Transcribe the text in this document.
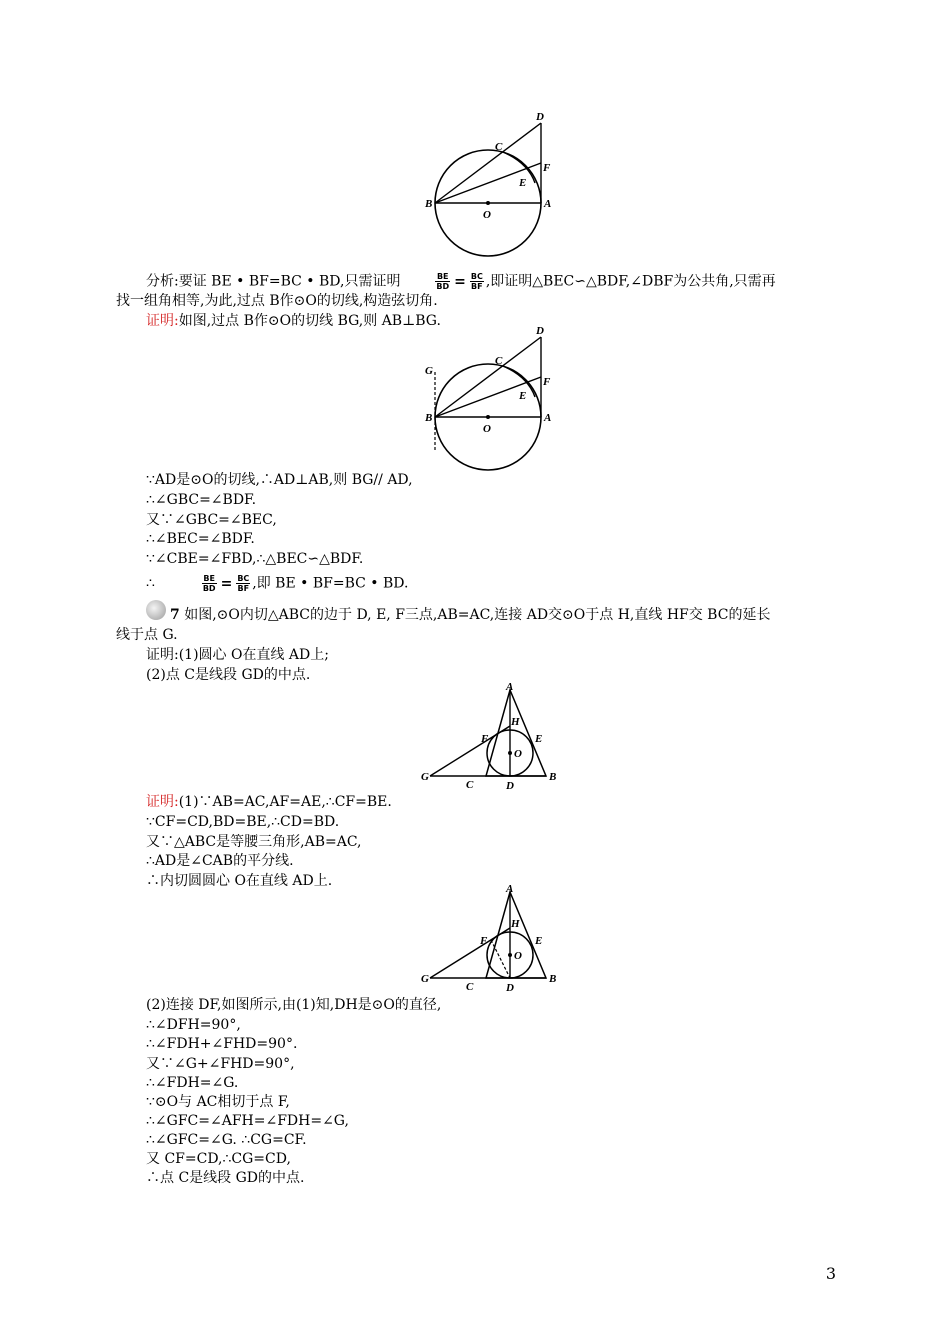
D
C
F
E
B
O
A
分析:要证 BE • BF=BC • BD,只需证明	$\frac{BE}{BD} = \frac{BC}{BF}$ ,即证明△BEC∽△BDF,∠DBF为公共角,只需再
找一组角相等,为此,过点 B作⊙O的切线,构造弦切角.
证明:如图,过点 B作⊙O的切线 BG,则 AB⊥BG.
D
C
G
F
E
B
O
A
∵AD是⊙O的切线,∴AD⊥AB,则 BG// AD,
∴∠GBC=∠BDF.
又∵∠GBC=∠BEC,
∴∠BEC=∠BDF.
∵∠CBE=∠FBD,∴△BEC∽△BDF.
∴	$\frac{BE}{BD} = \frac{BC}{BF}$ ,即 BE • BF=BC • BD.
7 如图,⊙O内切△ABC的边于 D, E, F三点,AB=AC,连接 AD交⊙O于点 H,直线 HF交 BC的延长
线于点 G.
证明:(1)圆心 O在直线 AD上;
(2)点 C是线段 GD的中点.
A
H
F	E
O
G
C	D
B
证明:(1)∵AB=AC,AF=AE,∴CF=BE.
∵CF=CD,BD=BE,∴CD=BD.
又∵△ABC是等腰三角形,AB=AC,
∴AD是∠CAB的平分线.
∴内切圆圆心 O在直线 AD上.	A
H
F	E
O
G
C	D
B
(2)连接 DF,如图所示,由(1)知,DH是⊙O的直径,
∴∠DFH=90°,
∴∠FDH+∠FHD=90°.
又∵∠G+∠FHD=90°,
∴∠FDH=∠G.
∵⊙O与 AC相切于点 F,
∴∠GFC=∠AFH=∠FDH=∠G,
∴∠GFC=∠G. ∴CG=CF.
又 CF=CD,∴CG=CD,
∴点 C是线段 GD的中点.
3
